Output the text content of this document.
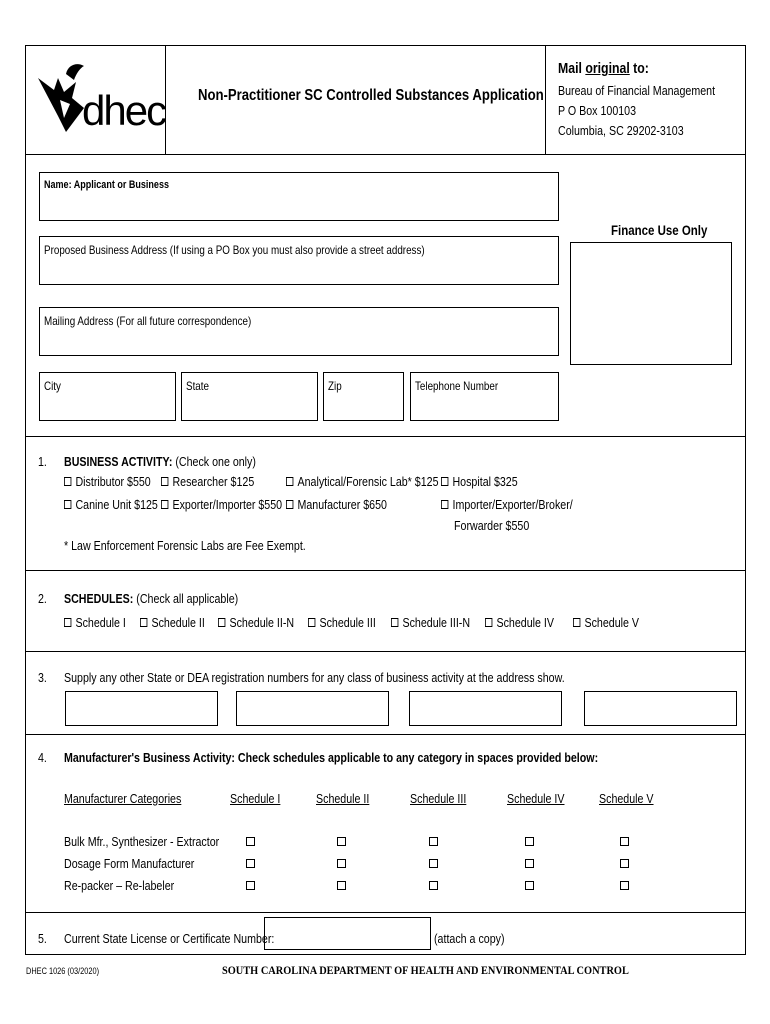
dhec Non-Practitioner SC Controlled Substances Application
Mail original to:
Bureau of Financial Management
P O Box 100103
Columbia, SC 29202-3103
Name: Applicant or Business
Proposed Business Address (If using a PO Box you must also provide a street address)
Mailing Address (For all future correspondence)
City	State	Zip	Telephone Number
Finance Use Only
1. BUSINESS ACTIVITY: (Check one only)
Distributor $550	Researcher $125	Analytical/Forensic Lab* $125	Hospital $325
Canine Unit $125	Exporter/Importer $550	Manufacturer $650	Importer/Exporter/Broker/
Forwarder $550
* Law Enforcement Forensic Labs are Fee Exempt.
2. SCHEDULES: (Check all applicable)
Schedule I	Schedule II	Schedule II-N	Schedule III	Schedule III-N	Schedule IV	Schedule V
3. Supply any other State or DEA registration numbers for any class of business activity at the address show.
4. Manufacturer's Business Activity: Check schedules applicable to any category in spaces provided below:
Manufacturer Categories	Schedule I	Schedule II	Schedule III	Schedule IV	Schedule V
Bulk Mfr., Synthesizer - Extractor
Dosage Form Manufacturer
Re-packer – Re-labeler
5. Current State License or Certificate Number:	(attach a copy)
DHEC 1026 (03/2020)	SOUTH CAROLINA DEPARTMENT OF HEALTH AND ENVIRONMENTAL CONTROL
